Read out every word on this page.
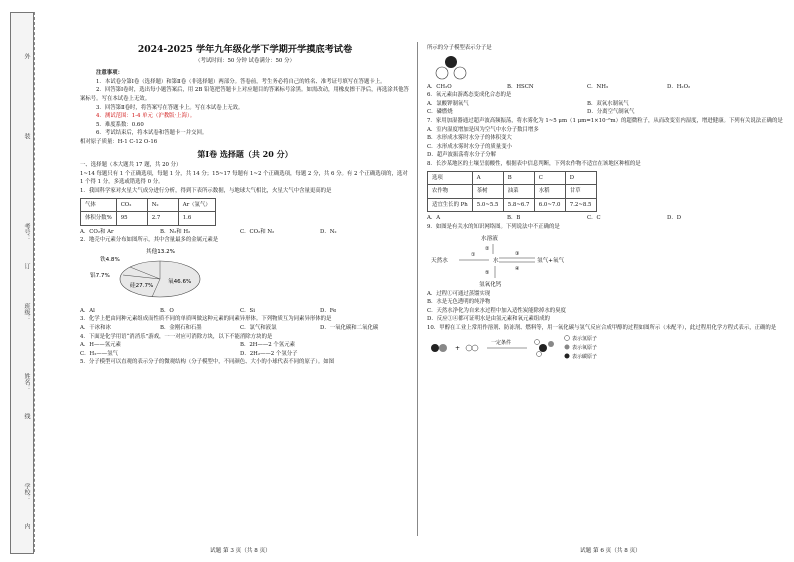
学校：
姓名：
班级：
考号：
外
装
订
线
内
2024-2025 学年九年级化学下学期开学摸底考试卷
（考试时间：50 分钟 试卷满分：50 分）
注意事项：
1．本试卷分第Ⅰ卷（选择题）和第Ⅱ卷（非选择题）两部分。答卷前，考生务必将自己的姓名、准考证号填写在答题卡上。
2．回答第Ⅰ卷时，选出每小题答案后，用 2B 铅笔把答题卡上对应题目的答案标号涂黑。如需改动，用橡皮擦干净后，再选涂其他答案标号。写在本试卷上无效。
3．回答第Ⅱ卷时，将答案写在答题卡上。写在本试卷上无效。
4．测试范围：1-4 单元（沪教版·上海）。
5．难度系数：0.60
6．考试结束后，将本试卷和答题卡一并交回。
相对原子质量：H-1 C-12 O-16
第Ⅰ卷 选择题（共 20 分）
一、选择题（本大题共 17 题，共 20 分）
1~14 每题只有 1 个正确选项，每题 1 分，共 14 分；15~17 每题有 1~2 个正确选项，每题 2 分，共 6 分。有 2 个正确选项的，选对 1 个得 1 分，多选或错选得 0 分。
1．我国科学家对火星大气成分进行分析，得到下表所示数据，与地球大气相比，火星大气中含量更高的是
气体	CO₂	N₂	Ar（氩气）
体积分数%	95	2.7	1.6
A．CO₂和 Ar	B．N₂和 H₂	C．CO₂和 N₂	D．N₂
2．地壳中元素分布如图所示，其中含量最多的金属元素是
其他13.2%
铁4.8%
铝7.7%
硅27.7%
氧46.6%
A．Al	B．O	C．Si	D．Fe
3．化学上把由同种元素组成而性质不同的单质叫做这种元素的同素异形体。下列物质互为同素异形体的是
A．干冰和冰	B．金刚石和石墨	C．氯气和液氯	D．一氧化碳和二氧化碳
4．下面是化学用语“消消乐”游戏，一一对应可消除方块，以下不能消除方块的是
A．H——氢元素	B．2H——2 个氢元素
C．H₂——氢气	D．2H₂——2 个氢分子
5．分子模型可以直观的表示分子的微观结构（分子模型中，不同颜色、大小的小球代表不同的原子）。如图
试题 第 3 页（共 8 页）
所示的分子模型表示分子是
A．CH₂O	B．HSCN	C．NH₃	D．H₂O₂
6．氧元素由游离态变成化合态的是
A．氯酸钾制氧气	B．双氧水制氧气
C．磷燃烧	D．分离空气制氧气
7．家用加湿器通过超声波高频振荡，将水雾化为 1~5 μm（1 μm=1×10⁻⁶m）的超微粒子，从而改变室内湿度，增进健康。下列有关说法正确的是
A．室内湿度增加是因为空气中水分子数目增多
B．水形成水雾时水分子的体积变大
C．水形成水雾时水分子的质量变小
D．超声波振荡将水分子分解
8．长沙某地区的土壤呈弱酸性，根据表中信息判断，下列农作物不适宜在该地区种植的是
选项	A	B	C	D
农作物	茶树	油菜	水稻	甘草
适宜生长的 Ph	5.0~5.5	5.8~6.7	6.0~7.0	7.2~8.5
A．A	B．B	C．C	D．D
9．如图是有关水的知识网络图。下列说法中不正确的是
水溶液
天然水	水	氢气+氧气
氢氧化钙
①
②
③
④
⑤
A．过程①可通过蒸馏实现
B．水是无色透明的纯净物
C．天然水净化为自来水过程中加入适性炭能除掉水的臭度
D．反应①④都可证明水是由氢元素和氧元素组成的
10．甲醇在工业上常用作溶剂、防冻剂、燃料等，用一氧化碳与氢气反应合成甲醇的过程如图所示（未配平），此过程用化学方程式表示，正确的是
+
一定条件
表示氢原子
表示氧原子
表示碳原子
试题 第 6 页（共 8 页）
